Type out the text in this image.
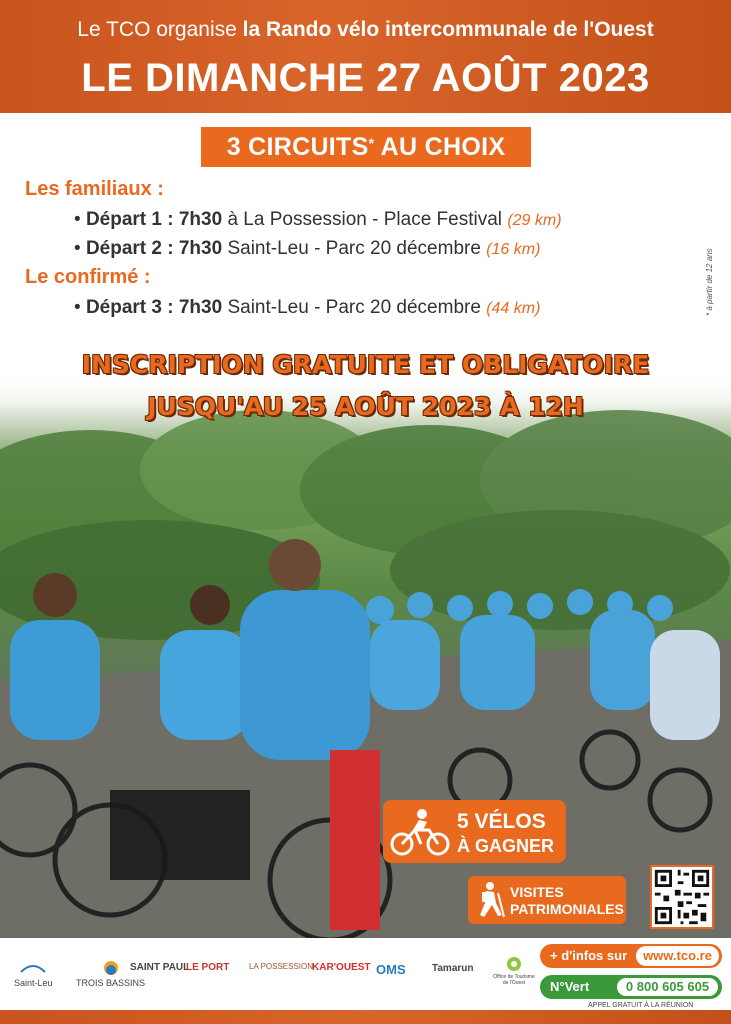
Le TCO organise la Rando vélo intercommunale de l'Ouest
LE DIMANCHE 27 AOÛT 2023
3 CIRCUITS* AU CHOIX
Les familiaux :
• Départ 1 : 7h30 à La Possession - Place Festival (29 km)
• Départ 2 : 7h30 Saint-Leu - Parc 20 décembre (16 km)
Le confirmé :
• Départ 3 : 7h30 Saint-Leu - Parc 20 décembre (44 km)	* à partir de 12 ans
INSCRIPTION GRATUITE ET OBLIGATOIRE
JUSQU'AU 25 AOÛT 2023 À 12H
5 VÉLOS
À GAGNER
VISITES
PATRIMONIALES
Saint-Leu	TROIS BASSINS
SAINT PAUL
LE PORT LA POSSESSION
KAR'OUEST OMS	Tamarun
Office de Tourisme de l'Ouest
+ d'infos sur	www.tco.re
N°Vert	0 800 605 605
APPEL GRATUIT À LA RÉUNION
